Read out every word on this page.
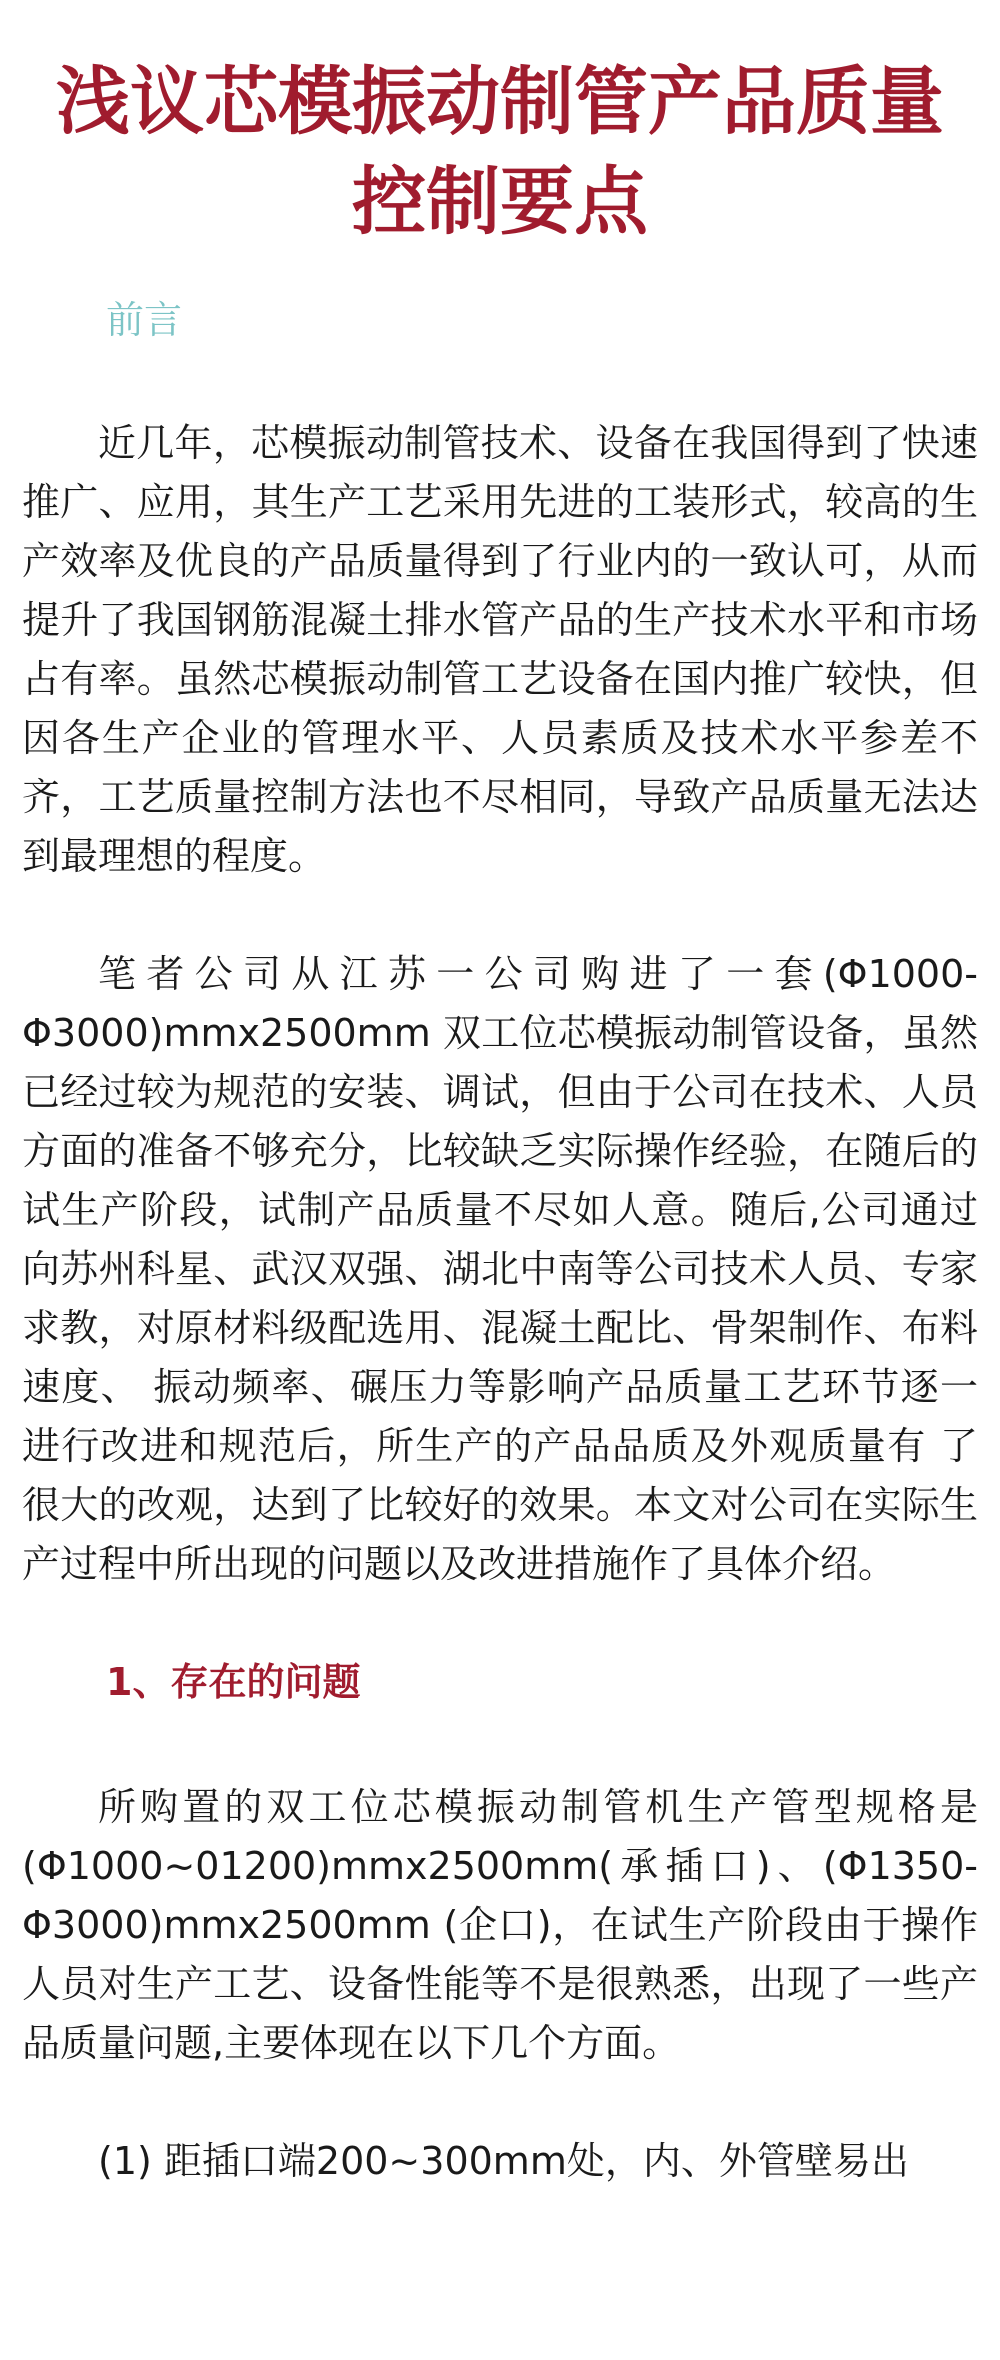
浅议芯模振动制管产品质量控制要点
前言

近几年，芯模振动制管技术、设备在我国得到了快速推广、应用，其生产工艺采用先进的工装形式，较高的生产效率及优良的产品质量得到了行业内的一致认可，从而提升了我国钢筋混凝土排水管产品的生产技术水平和市场占有率。虽然芯模振动制管工艺设备在国内推广较快，但因各生产企业的管理水平、人员素质及技术水平参差不齐，工艺质量控制方法也不尽相同，导致产品质量无法达到最理想的程度。

笔者公司从江苏一公司购进了一套(Φ1000-Φ3000)mmx2500mm 双工位芯模振动制管设备，虽然已经过较为规范的安装、调试，但由于公司在技术、人员方面的准备不够充分，比较缺乏实际操作经验，在随后的试生产阶段，试制产品质量不尽如人意。随后,公司通过向苏州科星、武汉双强、湖北中南等公司技术人员、专家求教，对原材料级配选用、混凝土配比、骨架制作、布料速度、 振动频率、碾压力等影响产品质量工艺环节逐一进行改进和规范后，所生产的产品品质及外观质量有 了很大的改观，达到了比较好的效果。本文对公司在实际生产过程中所出现的问题以及改进措施作了具体介绍。

1、存在的问题

所购置的双工位芯模振动制管机生产管型规格是(Φ1000~01200)mmx2500mm(承插口)、(Φ1350-Φ3000)mmx2500mm (企口)，在试生产阶段由于操作人员对生产工艺、设备性能等不是很熟悉，出现了一些产品质量问题,主要体现在以下几个方面。

(1) 距插口端200~300mm处，内、外管壁易出
